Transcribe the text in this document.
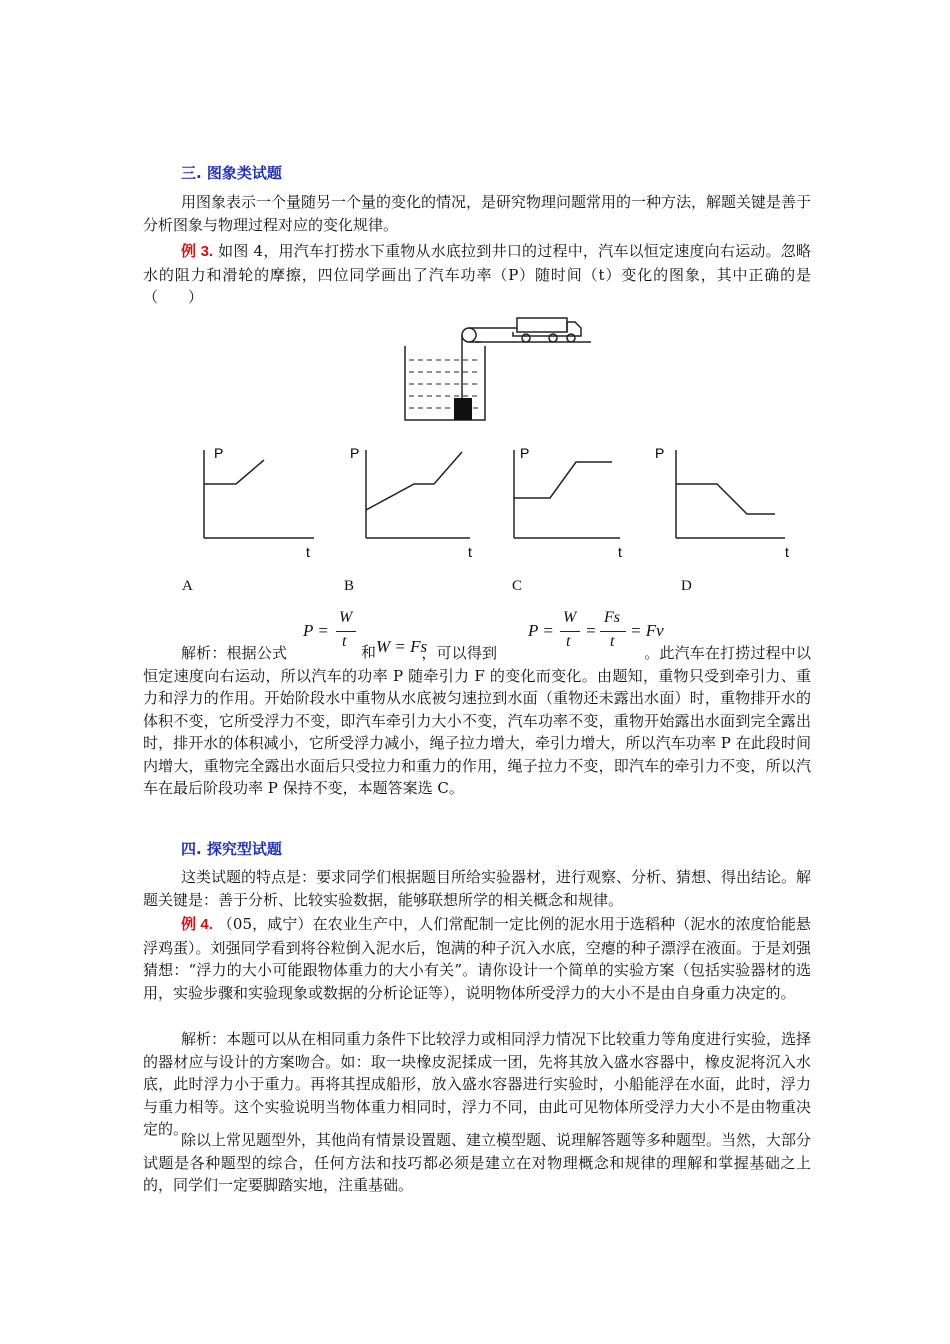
三. 图象类试题

用图象表示一个量随另一个量的变化的情况，是研究物理问题常用的一种方法，解题关键是善于分析图象与物理过程对应的变化规律。

例 3. 如图 4，用汽车打捞水下重物从水底拉到井口的过程中，汽车以恒定速度向右运动。忽略水的阻力和滑轮的摩擦，四位同学画出了汽车功率（P）随时间（t）变化的图象，其中正确的是（　　）

P
t
P
t
P
t
P
t
A	B	C	D
P =
W
t
和 W = Fs
P =
W
t
=
Fs
t
= Fv

解析：根据公式	，可以得到	。此汽车在打捞过程中以恒定速度向右运动，所以汽车的功率 P 随牵引力 F 的变化而变化。由题知，重物只受到牵引力、重力和浮力的作用。开始阶段水中重物从水底被匀速拉到水面（重物还未露出水面）时，重物排开水的体积不变，它所受浮力不变，即汽车牵引力大小不变，汽车功率不变，重物开始露出水面到完全露出时，排开水的体积减小，它所受浮力减小，绳子拉力增大，牵引力增大，所以汽车功率 P 在此段时间内增大，重物完全露出水面后只受拉力和重力的作用，绳子拉力不变，即汽车的牵引力不变，所以汽车在最后阶段功率 P 保持不变，本题答案选 C。

四. 探究型试题

这类试题的特点是：要求同学们根据题目所给实验器材，进行观察、分析、猜想、得出结论。解题关键是：善于分析、比较实验数据，能够联想所学的相关概念和规律。

例 4. （05，咸宁）在农业生产中，人们常配制一定比例的泥水用于选稻种（泥水的浓度恰能悬浮鸡蛋）。刘强同学看到将谷粒倒入泥水后，饱满的种子沉入水底，空瘪的种子漂浮在液面。于是刘强猜想：“浮力的大小可能跟物体重力的大小有关”。请你设计一个简单的实验方案（包括实验器材的选用，实验步骤和实验现象或数据的分析论证等），说明物体所受浮力的大小不是由自身重力决定的。

解析：本题可以从在相同重力条件下比较浮力或相同浮力情况下比较重力等角度进行实验，选择的器材应与设计的方案吻合。如：取一块橡皮泥揉成一团，先将其放入盛水容器中，橡皮泥将沉入水底，此时浮力小于重力。再将其捏成船形，放入盛水容器进行实验时，小船能浮在水面，此时，浮力与重力相等。这个实验说明当物体重力相同时，浮力不同，由此可见物体所受浮力大小不是由物重决定的。

除以上常见题型外，其他尚有情景设置题、建立模型题、说理解答题等多种题型。当然，大部分试题是各种题型的综合，任何方法和技巧都必须是建立在对物理概念和规律的理解和掌握基础之上的，同学们一定要脚踏实地，注重基础。
